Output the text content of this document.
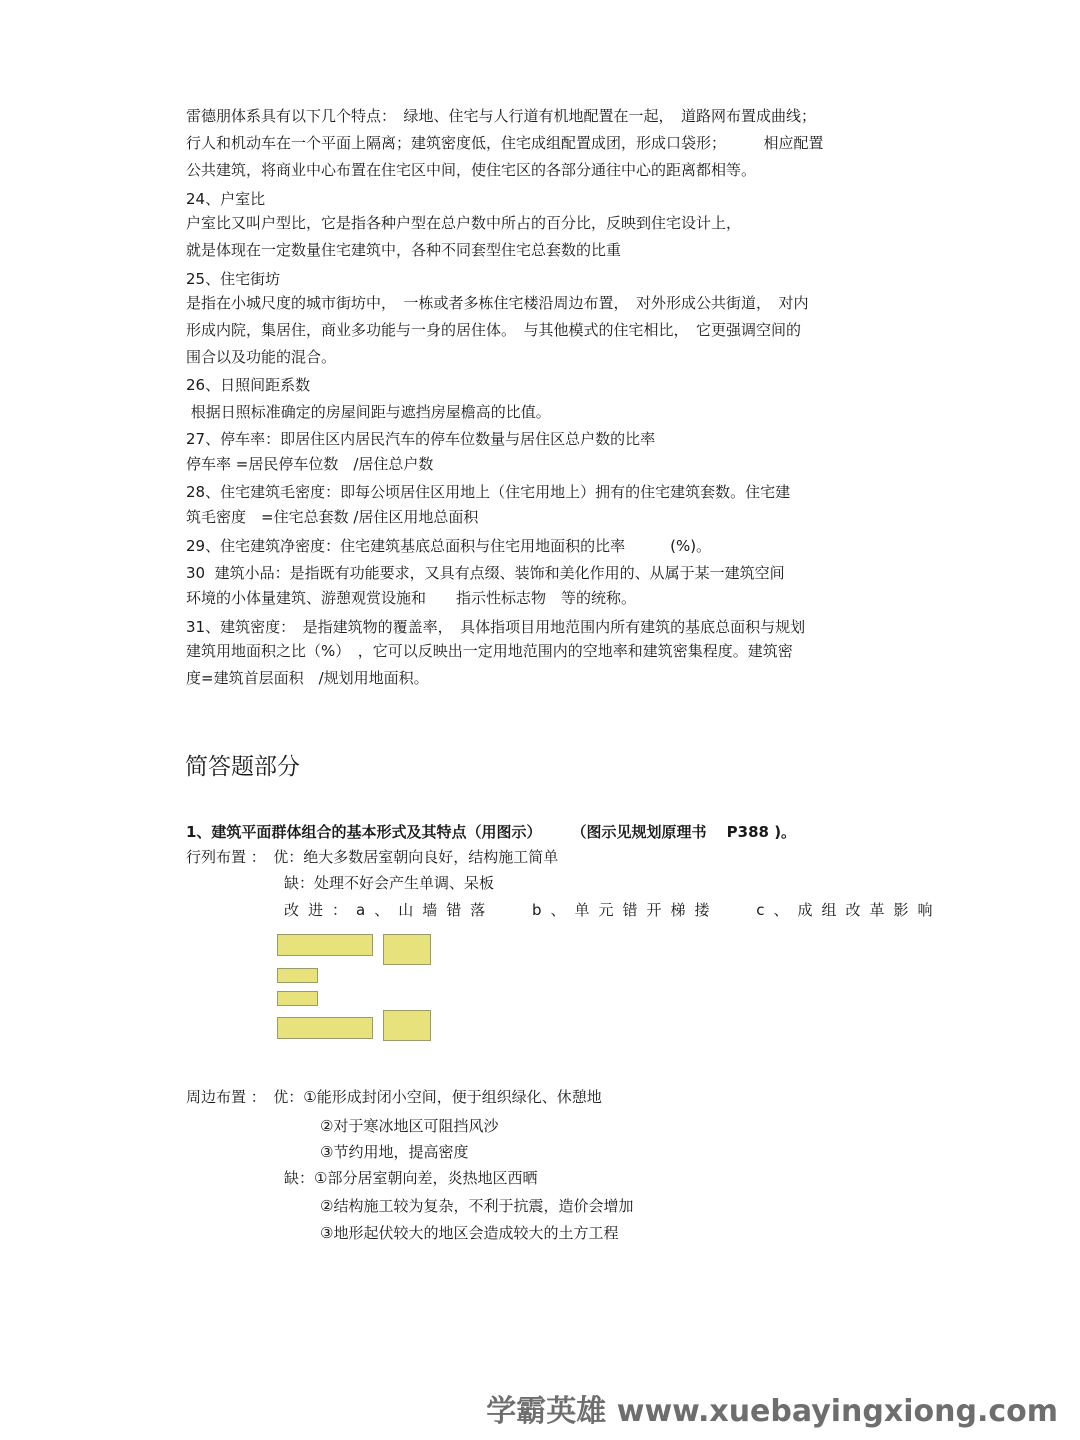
雷德朋体系具有以下几个特点：　绿地、住宅与人行道有机地配置在一起，　道路网布置成曲线；
行人和机动车在一个平面上隔离；建筑密度低，住宅成组配置成团，形成口袋形；　　　相应配置
公共建筑，将商业中心布置在住宅区中间，使住宅区的各部分通往中心的距离都相等。
24、户室比
户室比又叫户型比，它是指各种户型在总户数中所占的百分比，反映到住宅设计上，
就是体现在一定数量住宅建筑中，各种不同套型住宅总套数的比重
25、住宅街坊
是指在小城尺度的城市街坊中，　一栋或者多栋住宅楼沿周边布置，　对外形成公共街道，　对内
形成内院，集居住，商业多功能与一身的居住体。　与其他模式的住宅相比，　它更强调空间的
围合以及功能的混合。
26、日照间距系数
根据日照标准确定的房屋间距与遮挡房屋檐高的比值。
27、停车率：即居住区内居民汽车的停车位数量与居住区总户数的比率
停车率 =居民停车位数　/居住总户数
28、住宅建筑毛密度：即每公顷居住区用地上（住宅用地上）拥有的住宅建筑套数。住宅建
筑毛密度　=住宅总套数 /居住区用地总面积
29、住宅建筑净密度：住宅建筑基底总面积与住宅用地面积的比率　　　(%)。
30  建筑小品：是指既有功能要求，又具有点缀、装饰和美化作用的、从属于某一建筑空间
环境的小体量建筑、游憩观赏设施和　　指示性标志物　等的统称。
31、建筑密度：　是指建筑物的覆盖率，　具体指项目用地范围内所有建筑的基底总面积与规划
建筑用地面积之比（%）　，它可以反映出一定用地范围内的空地率和建筑密集程度。建筑密
度=建筑首层面积　/规划用地面积。
简答题部分
1、建筑平面群体组合的基本形式及其特点（用图示）　　　（图示见规划原理书　 P388 )。
行列布置 ：　优：绝大多数居室朝向良好，结构施工简单
缺：处理不好会产生单调、呆板
改进：a、山墙错落　 b、单元错开梯搂　 c、成组改革影响
周边布置 ：　优：①能形成封闭小空间，便于组织绿化、休憩地
②对于寒冰地区可阻挡风沙
③节约用地，提高密度
缺：①部分居室朝向差，炎热地区西晒
②结构施工较为复杂，不利于抗震，造价会增加
③地形起伏较大的地区会造成较大的土方工程
学霸英雄 www.xuebayingxiong.com
